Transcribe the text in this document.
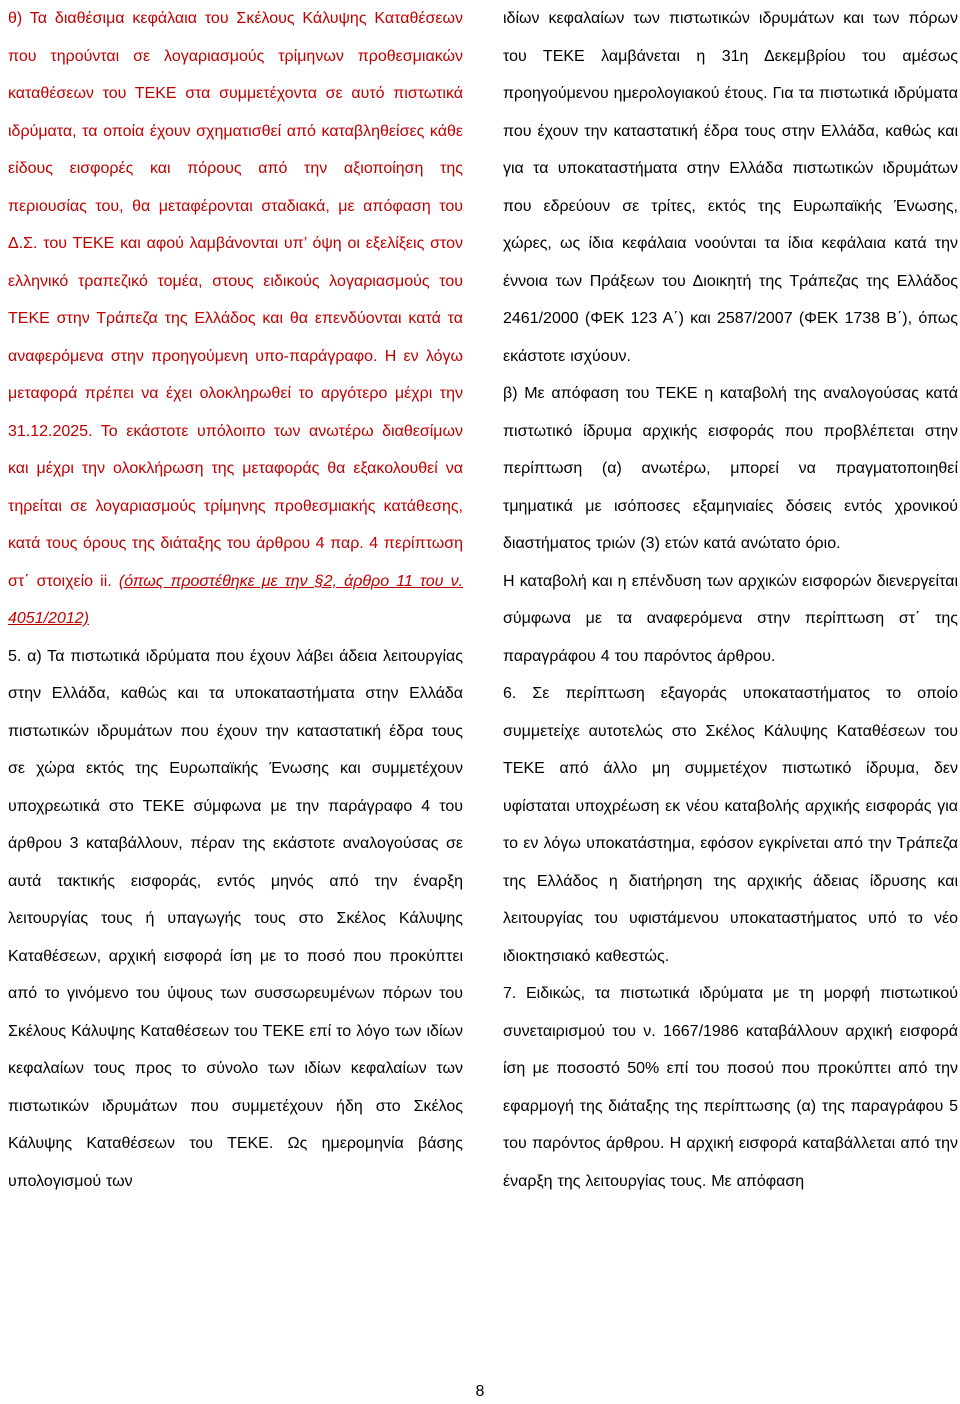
θ) Τα διαθέσιμα κεφάλαια του Σκέλους Κάλυψης Καταθέσεων που τηρούνται σε λογαριασμούς τρίμηνων προθεσμιακών καταθέσεων του ΤΕΚΕ στα συμμετέχοντα σε αυτό πιστωτικά ιδρύματα, τα οποία έχουν σχηματισθεί από καταβληθείσες κάθε είδους εισφορές και πόρους από την αξιοποίηση της περιουσίας του, θα μεταφέρονται σταδιακά, με απόφαση του Δ.Σ. του ΤΕΚΕ και αφού λαμβάνονται υπ’ όψη οι εξελίξεις στον ελληνικό τραπεζικό τομέα, στους ειδικούς λογαριασμούς του ΤΕΚΕ στην Τράπεζα της Ελλάδος και θα επενδύονται κατά τα αναφερόμενα στην προηγούμενη υπο-παράγραφο. Η εν λόγω μεταφορά πρέπει να έχει ολοκληρωθεί το αργότερο μέχρι την 31.12.2025. Το εκάστοτε υπόλοιπο των ανωτέρω διαθεσίμων και μέχρι την ολοκλήρωση της μεταφοράς θα εξακολουθεί να τηρείται σε λογαριασμούς τρίμηνης προθεσμιακής κατάθεσης, κατά τους όρους της διάταξης του άρθρου 4 παρ. 4 περίπτωση στ΄ στοιχείο ii. (όπως προστέθηκε με την §2, άρθρο 11 του ν. 4051/2012)

5. α) Τα πιστωτικά ιδρύματα που έχουν λάβει άδεια λειτουργίας στην Ελλάδα, καθώς και τα υποκαταστήματα στην Ελλάδα πιστωτικών ιδρυμάτων που έχουν την καταστατική έδρα τους σε χώρα εκτός της Ευρωπαϊκής Ένωσης και συμμετέχουν υποχρεωτικά στο ΤΕΚΕ σύμφωνα με την παράγραφο 4 του άρθρου 3 καταβάλλουν, πέραν της εκάστοτε αναλογούσας σε αυτά τακτικής εισφοράς, εντός μηνός από την έναρξη λειτουργίας τους ή υπαγωγής τους στο Σκέλος Κάλυψης Καταθέσεων, αρχική εισφορά ίση με το ποσό που προκύπτει από το γινόμενο του ύψους των συσσωρευμένων πόρων του Σκέλους Κάλυψης Καταθέσεων του ΤΕΚΕ επί το λόγο των ιδίων κεφαλαίων τους προς το σύνολο των ιδίων κεφαλαίων των πιστωτικών ιδρυμάτων που συμμετέχουν ήδη στο Σκέλος Κάλυψης Καταθέσεων του ΤΕΚΕ. Ως ημερομηνία βάσης υπολογισμού των

ιδίων κεφαλαίων των πιστωτικών ιδρυμάτων και των πόρων του ΤΕΚΕ λαμβάνεται η 31η Δεκεμβρίου του αμέσως προηγούμενου ημερολογιακού έτους. Για τα πιστωτικά ιδρύματα που έχουν την καταστατική έδρα τους στην Ελλάδα, καθώς και για τα υποκαταστήματα στην Ελλάδα πιστωτικών ιδρυμάτων που εδρεύουν σε τρίτες, εκτός της Ευρωπαϊκής Ένωσης, χώρες, ως ίδια κεφάλαια νοούνται τα ίδια κεφάλαια κατά την έννοια των Πράξεων του Διοικητή της Τράπεζας της Ελλάδος 2461/2000 (ΦΕΚ 123 Α΄) και 2587/2007 (ΦΕΚ 1738 Β΄), όπως εκάστοτε ισχύουν.

β) Με απόφαση του ΤΕΚΕ η καταβολή της αναλογούσας κατά πιστωτικό ίδρυμα αρχικής εισφοράς που προβλέπεται στην περίπτωση (α) ανωτέρω, μπορεί να πραγματοποιηθεί τμηματικά με ισόποσες εξαμηνιαίες δόσεις εντός χρονικού διαστήματος τριών (3) ετών κατά ανώτατο όριο.

Η καταβολή και η επένδυση των αρχικών εισφορών διενεργείται σύμφωνα με τα αναφερόμενα στην περίπτωση στ΄ της παραγράφου 4 του παρόντος άρθρου.

6. Σε περίπτωση εξαγοράς υποκαταστήματος το οποίο συμμετείχε αυτοτελώς στο Σκέλος Κάλυψης Καταθέσεων του ΤΕΚΕ από άλλο μη συμμετέχον πιστωτικό ίδρυμα, δεν υφίσταται υποχρέωση εκ νέου καταβολής αρχικής εισφοράς για το εν λόγω υποκατάστημα, εφόσον εγκρίνεται από την Τράπεζα της Ελλάδος η διατήρηση της αρχικής άδειας ίδρυσης και λειτουργίας του υφιστάμενου υποκαταστήματος υπό το νέο ιδιοκτησιακό καθεστώς.

7. Ειδικώς, τα πιστωτικά ιδρύματα με τη μορφή πιστωτικού συνεταιρισμού του ν. 1667/1986 καταβάλλουν αρχική εισφορά ίση με ποσοστό 50% επί του ποσού που προκύπτει από την εφαρμογή της διάταξης της περίπτωσης (α) της παραγράφου 5 του παρόντος άρθρου. Η αρχική εισφορά καταβάλλεται από την έναρξη της λειτουργίας τους. Με απόφαση

8
